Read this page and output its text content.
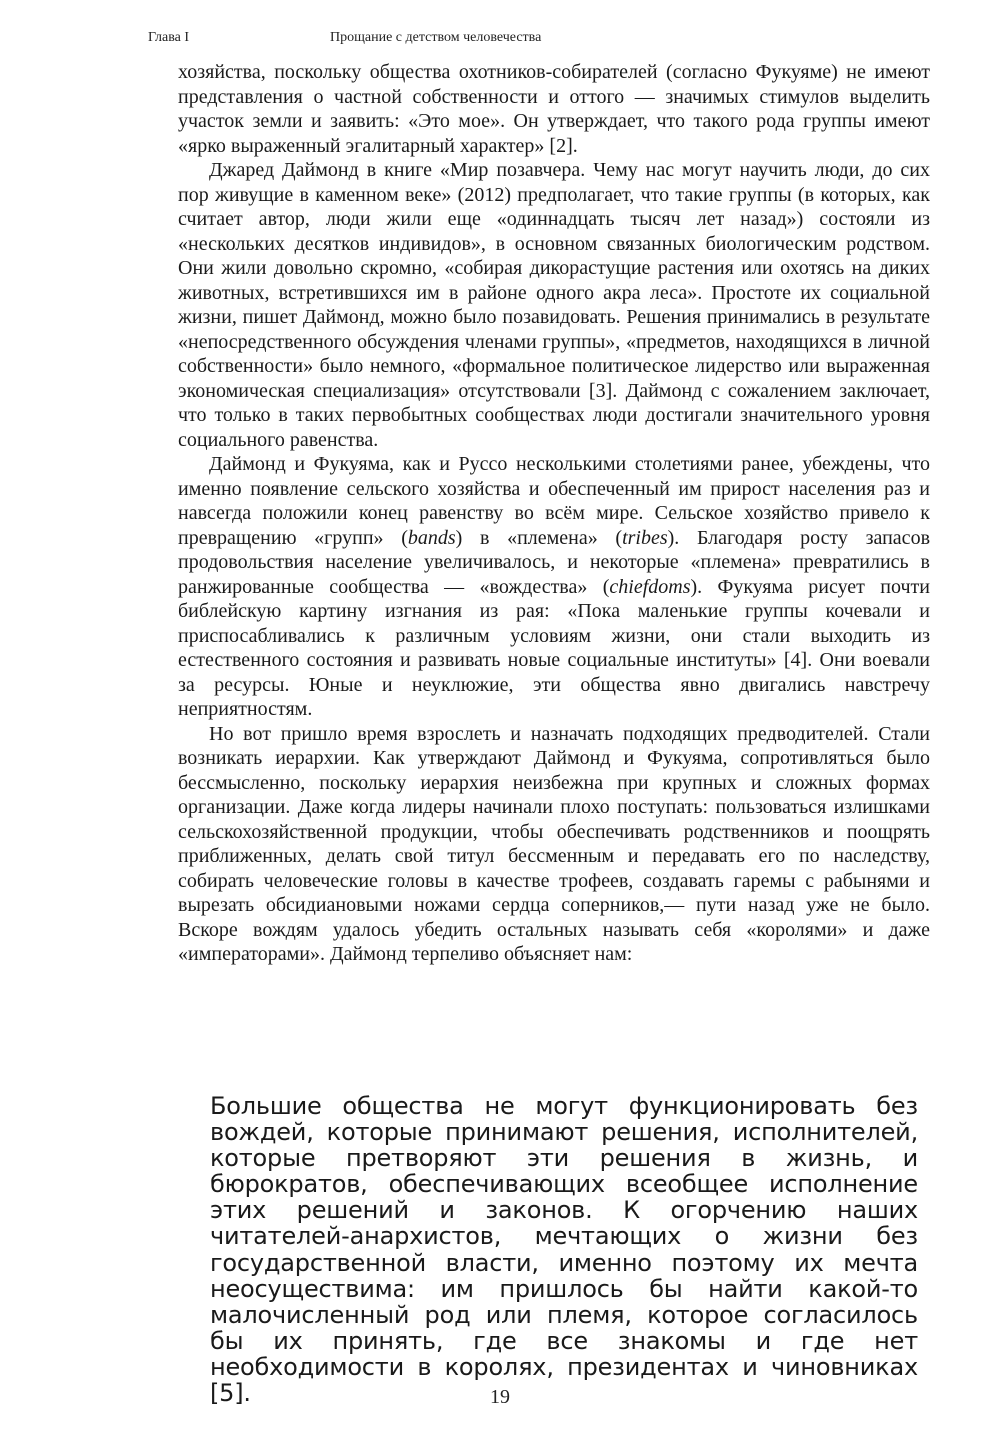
Глава I	Прощание с детством человечества

хозяйства, поскольку общества охотников-собирателей (согласно Фукуяме) не имеют представления о частной собственности и оттого — значимых стимулов выделить участок земли и заявить: «Это мое». Он утверждает, что такого рода группы имеют «ярко выраженный эгалитарный характер» [2].

Джаред Даймонд в книге «Мир позавчера. Чему нас могут научить люди, до сих пор живущие в каменном веке» (2012) предполагает, что такие группы (в которых, как считает автор, люди жили еще «одиннадцать тысяч лет назад») состояли из «нескольких десятков индивидов», в основном связанных биологическим родством. Они жили довольно скромно, «собирая дикорастущие растения или охотясь на диких животных, встретившихся им в районе одного акра леса». Простоте их социальной жизни, пишет Даймонд, можно было позавидовать. Решения принимались в результате «непосредственного обсуждения членами группы», «предметов, находящихся в личной собственности» было немного, «формальное политическое лидерство или выраженная экономическая специализация» отсутствовали [3]. Даймонд с сожалением заключает, что только в таких первобытных сообществах люди достигали значительного уровня социального равенства.

Даймонд и Фукуяма, как и Руссо несколькими столетиями ранее, убеждены, что именно появление сельского хозяйства и обеспеченный им прирост населения раз и навсегда положили конец равенству во всём мире. Сельское хозяйство привело к превращению «групп» (bands) в «племена» (tribes). Благодаря росту запасов продовольствия население увеличивалось, и некоторые «племена» превратились в ранжированные сообщества — «вождества» (chiefdoms). Фукуяма рисует почти библейскую картину изгнания из рая: «Пока маленькие группы кочевали и приспосабливались к различным условиям жизни, они стали выходить из естественного состояния и развивать новые социальные институты» [4]. Они воевали за ресурсы. Юные и неуклюжие, эти общества явно двигались навстречу неприятностям.

Но вот пришло время взрослеть и назначать подходящих предводителей. Стали возникать иерархии. Как утверждают Даймонд и Фукуяма, сопротивляться было бессмысленно, поскольку иерархия неизбежна при крупных и сложных формах организации. Даже когда лидеры начинали плохо поступать: пользоваться излишками сельскохозяйственной продукции, чтобы обеспечивать родственников и поощрять приближенных, делать свой титул бессменным и передавать его по наследству, собирать человеческие головы в качестве трофеев, создавать гаремы с рабынями и вырезать обсидиановыми ножами сердца соперников,— пути назад уже не было. Вскоре вождям удалось убедить остальных называть себя «королями» и даже «императорами». Даймонд терпеливо объясняет нам:

Большие общества не могут функционировать без вождей, которые принимают решения, исполнителей, которые претворяют эти решения в жизнь, и бюрократов, обеспечивающих всеобщее исполнение этих решений и законов. К огорчению наших читателей-анархистов, мечтающих о жизни без государственной власти, именно поэтому их мечта неосуществима: им пришлось бы найти какой-то малочисленный род или племя, которое согласилось бы их принять, где все знакомы и где нет необходимости в королях, президентах и чиновниках [5].	19
